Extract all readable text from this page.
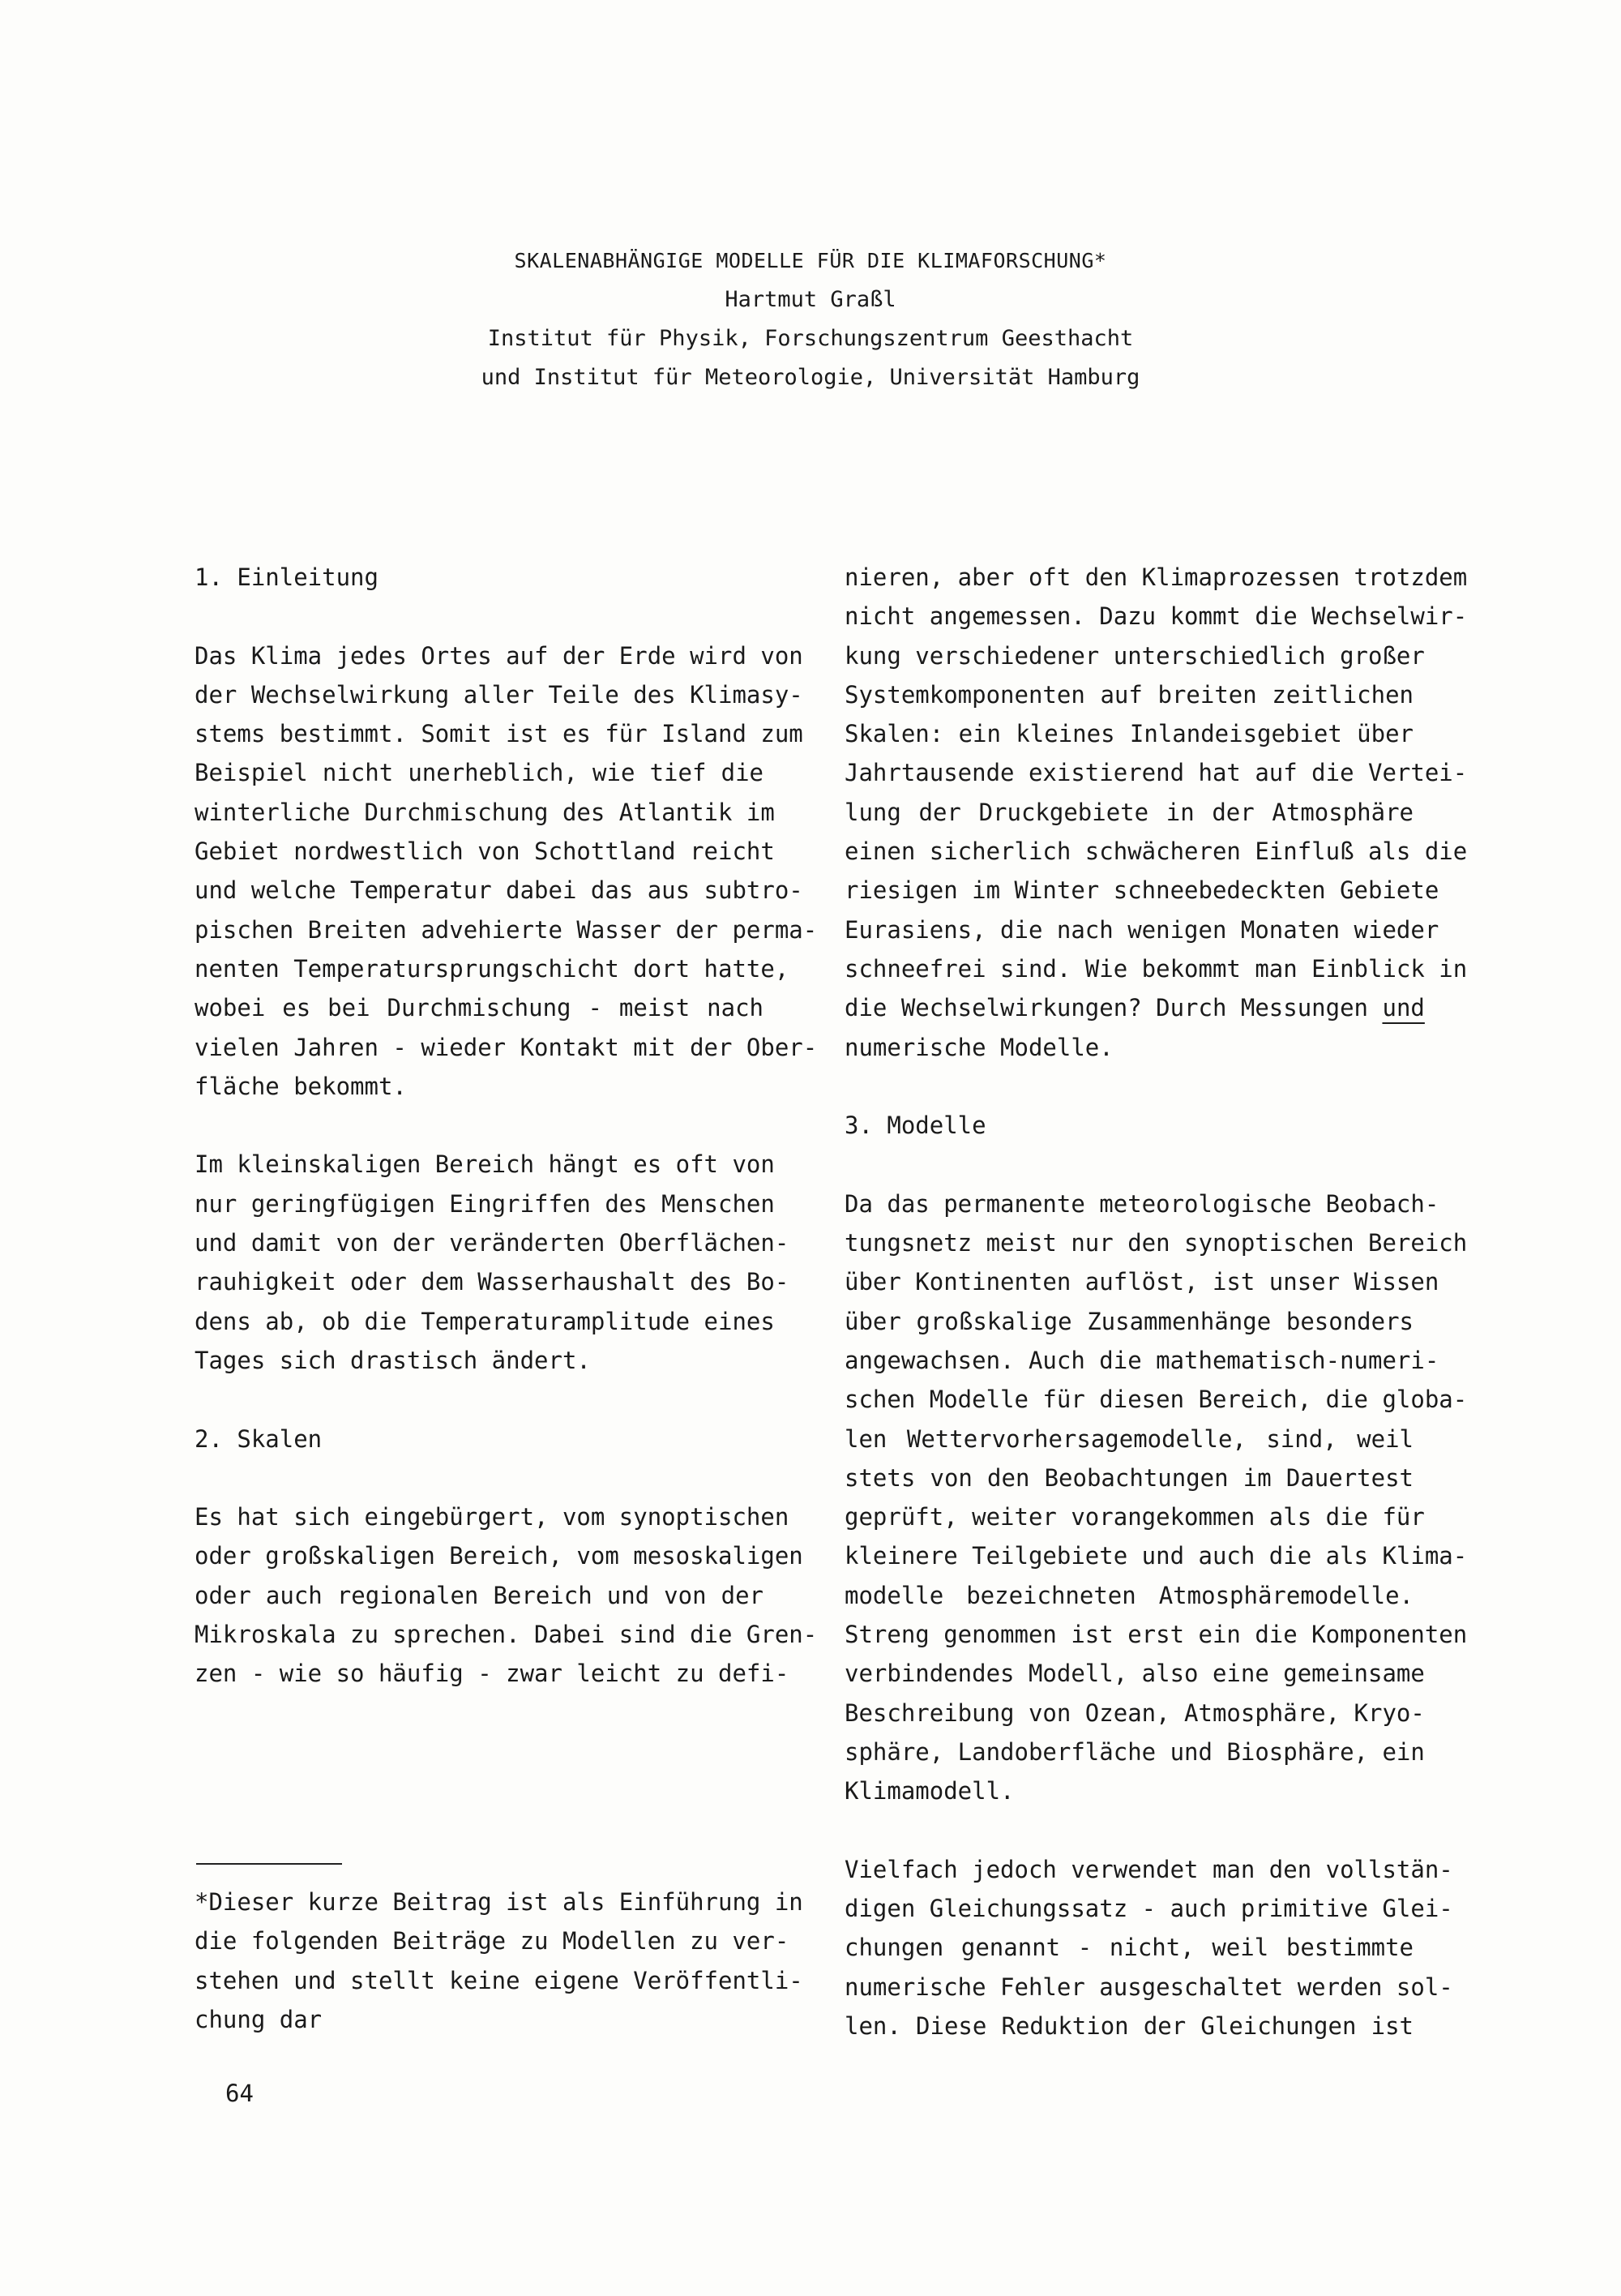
SKALENABHÄNGIGE MODELLE FÜR DIE KLIMAFORSCHUNG*
Hartmut Graßl
Institut für Physik, Forschungszentrum Geesthacht
und Institut für Meteorologie, Universität Hamburg
1. Einleitung
Das Klima jedes Ortes auf der Erde wird von
der Wechselwirkung aller Teile des Klimasy-
stems bestimmt. Somit ist es für Island zum
Beispiel nicht unerheblich, wie tief die
winterliche Durchmischung des Atlantik im
Gebiet nordwestlich von Schottland reicht
und welche Temperatur dabei das aus subtro-
pischen Breiten advehierte Wasser der perma-
nenten Temperatursprungschicht dort hatte,
wobei es bei Durchmischung - meist nach
vielen Jahren - wieder Kontakt mit der Ober-
fläche bekommt.
Im kleinskaligen Bereich hängt es oft von
nur geringfügigen Eingriffen des Menschen
und damit von der veränderten Oberflächen-
rauhigkeit oder dem Wasserhaushalt des Bo-
dens ab, ob die Temperaturamplitude eines
Tages sich drastisch ändert.
2. Skalen
Es hat sich eingebürgert, vom synoptischen
oder großskaligen Bereich, vom mesoskaligen
oder auch regionalen Bereich und von der
Mikroskala zu sprechen. Dabei sind die Gren-
zen - wie so häufig - zwar leicht zu defi-
nieren, aber oft den Klimaprozessen trotzdem
nicht angemessen. Dazu kommt die Wechselwir-
kung verschiedener unterschiedlich großer
Systemkomponenten auf breiten zeitlichen
Skalen: ein kleines Inlandeisgebiet über
Jahrtausende existierend hat auf die Vertei-
lung der Druckgebiete in der Atmosphäre
einen sicherlich schwächeren Einfluß als die
riesigen im Winter schneebedeckten Gebiete
Eurasiens, die nach wenigen Monaten wieder
schneefrei sind. Wie bekommt man Einblick in
die Wechselwirkungen? Durch Messungen und
numerische Modelle.
3. Modelle
Da das permanente meteorologische Beobach-
tungsnetz meist nur den synoptischen Bereich
über Kontinenten auflöst, ist unser Wissen
über großskalige Zusammenhänge besonders
angewachsen. Auch die mathematisch-numeri-
schen Modelle für diesen Bereich, die globa-
len Wettervorhersagemodelle, sind, weil
stets von den Beobachtungen im Dauertest
geprüft, weiter vorangekommen als die für
kleinere Teilgebiete und auch die als Klima-
modelle bezeichneten Atmosphäremodelle.
Streng genommen ist erst ein die Komponenten
verbindendes Modell, also eine gemeinsame
Beschreibung von Ozean, Atmosphäre, Kryo-
sphäre, Landoberfläche und Biosphäre, ein
Klimamodell.
Vielfach jedoch verwendet man den vollstän-
digen Gleichungssatz - auch primitive Glei-
chungen genannt - nicht, weil bestimmte
numerische Fehler ausgeschaltet werden sol-
len. Diese Reduktion der Gleichungen ist
*Dieser kurze Beitrag ist als Einführung in
die folgenden Beiträge zu Modellen zu ver-
stehen und stellt keine eigene Veröffentli-
chung dar
64
